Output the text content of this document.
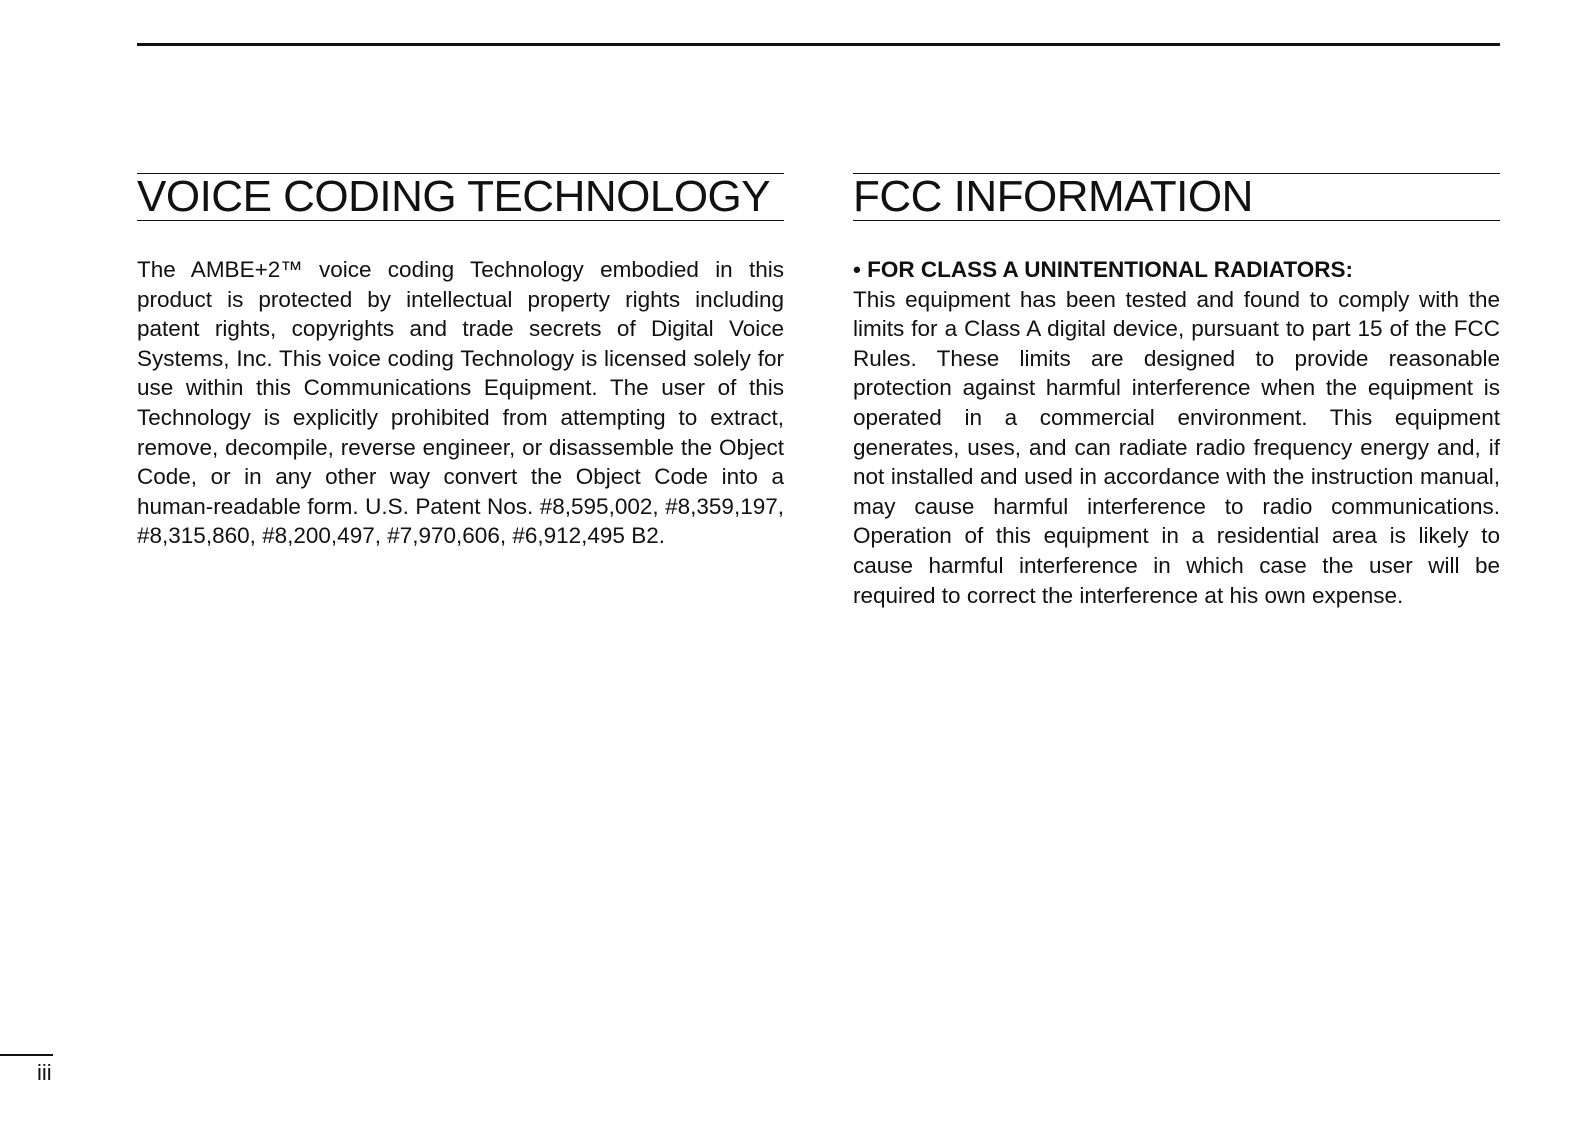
VOICE CODING TECHNOLOGY

The AMBE+2™ voice coding Technology embodied in this product is protected by intellectual property rights including patent rights, copyrights and trade secrets of Digital Voice Systems, Inc. This voice coding Technology is licensed solely for use within this Communications Equipment. The user of this Technology is explicitly prohibited from attempting to extract, remove, decompile, reverse engineer, or disassemble the Object Code, or in any other way convert the Object Code into a human-readable form. U.S. Patent Nos. #8,595,002, #8,359,197, #8,315,860, #8,200,497, #7,970,606, #6,912,495 B2.

FCC INFORMATION
• FOR CLASS A UNINTENTIONAL RADIATORS:

This equipment has been tested and found to comply with the limits for a Class A digital device, pursuant to part 15 of the FCC Rules. These limits are designed to provide reasonable protection against harmful interference when the equipment is operated in a commercial environment. This equipment generates, uses, and can radiate radio frequency energy and, if not installed and used in accordance with the instruction manual, may cause harmful interference to radio communications. Operation of this equipment in a residential area is likely to cause harmful interference in which case the user will be required to correct the interference at his own expense.

iii
